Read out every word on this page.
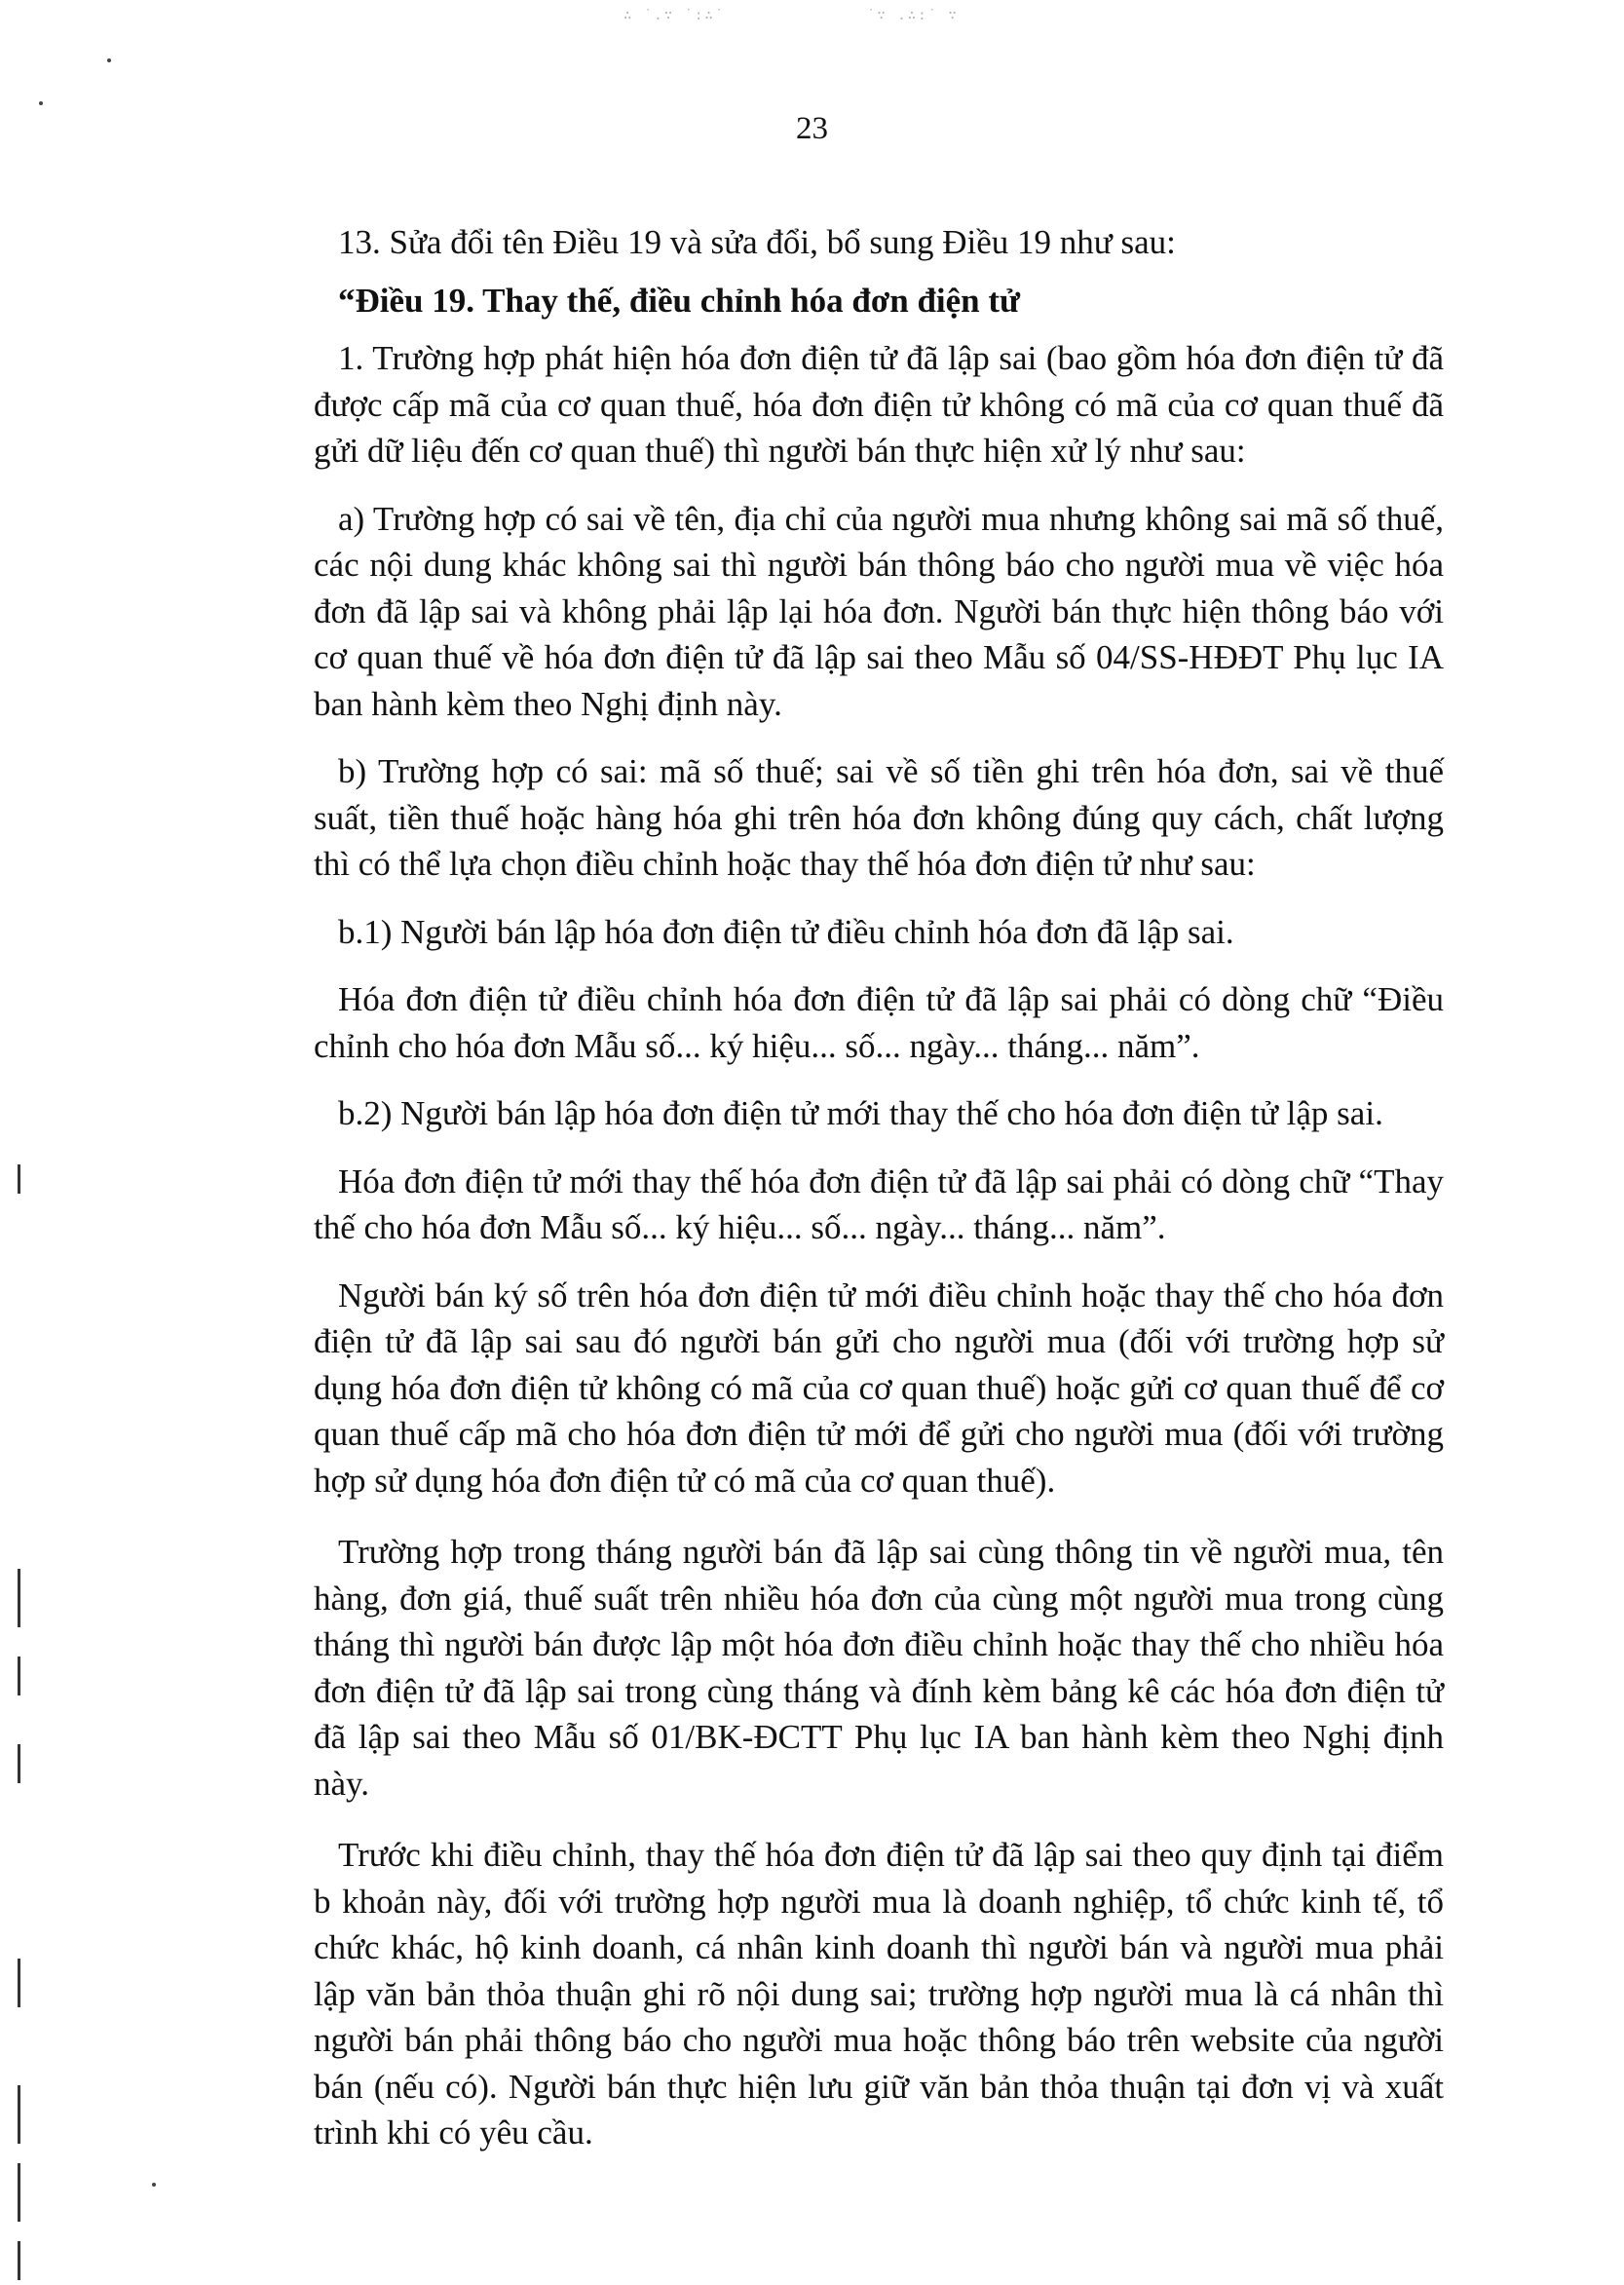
∴ ˙.∵ ˙:∴˙	˙∵ .∴:˙ ∵
23

13. Sửa đổi tên Điều 19 và sửa đổi, bổ sung Điều 19 như sau:

“Điều 19. Thay thế, điều chỉnh hóa đơn điện tử

1. Trường hợp phát hiện hóa đơn điện tử đã lập sai (bao gồm hóa đơn điện tử đã được cấp mã của cơ quan thuế, hóa đơn điện tử không có mã của cơ quan thuế đã gửi dữ liệu đến cơ quan thuế) thì người bán thực hiện xử lý như sau:

a) Trường hợp có sai về tên, địa chỉ của người mua nhưng không sai mã số thuế, các nội dung khác không sai thì người bán thông báo cho người mua về việc hóa đơn đã lập sai và không phải lập lại hóa đơn. Người bán thực hiện thông báo với cơ quan thuế về hóa đơn điện tử đã lập sai theo Mẫu số 04/SS-HĐĐT Phụ lục IA ban hành kèm theo Nghị định này.

b) Trường hợp có sai: mã số thuế; sai về số tiền ghi trên hóa đơn, sai về thuế suất, tiền thuế hoặc hàng hóa ghi trên hóa đơn không đúng quy cách, chất lượng thì có thể lựa chọn điều chỉnh hoặc thay thế hóa đơn điện tử như sau:

b.1) Người bán lập hóa đơn điện tử điều chỉnh hóa đơn đã lập sai.

Hóa đơn điện tử điều chỉnh hóa đơn điện tử đã lập sai phải có dòng chữ “Điều chỉnh cho hóa đơn Mẫu số... ký hiệu... số... ngày... tháng... năm”.

b.2) Người bán lập hóa đơn điện tử mới thay thế cho hóa đơn điện tử lập sai.

Hóa đơn điện tử mới thay thế hóa đơn điện tử đã lập sai phải có dòng chữ “Thay thế cho hóa đơn Mẫu số... ký hiệu... số... ngày... tháng... năm”.

Người bán ký số trên hóa đơn điện tử mới điều chỉnh hoặc thay thế cho hóa đơn điện tử đã lập sai sau đó người bán gửi cho người mua (đối với trường hợp sử dụng hóa đơn điện tử không có mã của cơ quan thuế) hoặc gửi cơ quan thuế để cơ quan thuế cấp mã cho hóa đơn điện tử mới để gửi cho người mua (đối với trường hợp sử dụng hóa đơn điện tử có mã của cơ quan thuế).

Trường hợp trong tháng người bán đã lập sai cùng thông tin về người mua, tên hàng, đơn giá, thuế suất trên nhiều hóa đơn của cùng một người mua trong cùng tháng thì người bán được lập một hóa đơn điều chỉnh hoặc thay thế cho nhiều hóa đơn điện tử đã lập sai trong cùng tháng và đính kèm bảng kê các hóa đơn điện tử đã lập sai theo Mẫu số 01/BK-ĐCTT Phụ lục IA ban hành kèm theo Nghị định này.

Trước khi điều chỉnh, thay thế hóa đơn điện tử đã lập sai theo quy định tại điểm b khoản này, đối với trường hợp người mua là doanh nghiệp, tổ chức kinh tế, tổ chức khác, hộ kinh doanh, cá nhân kinh doanh thì người bán và người mua phải lập văn bản thỏa thuận ghi rõ nội dung sai; trường hợp người mua là cá nhân thì người bán phải thông báo cho người mua hoặc thông báo trên website của người bán (nếu có). Người bán thực hiện lưu giữ văn bản thỏa thuận tại đơn vị và xuất trình khi có yêu cầu.
